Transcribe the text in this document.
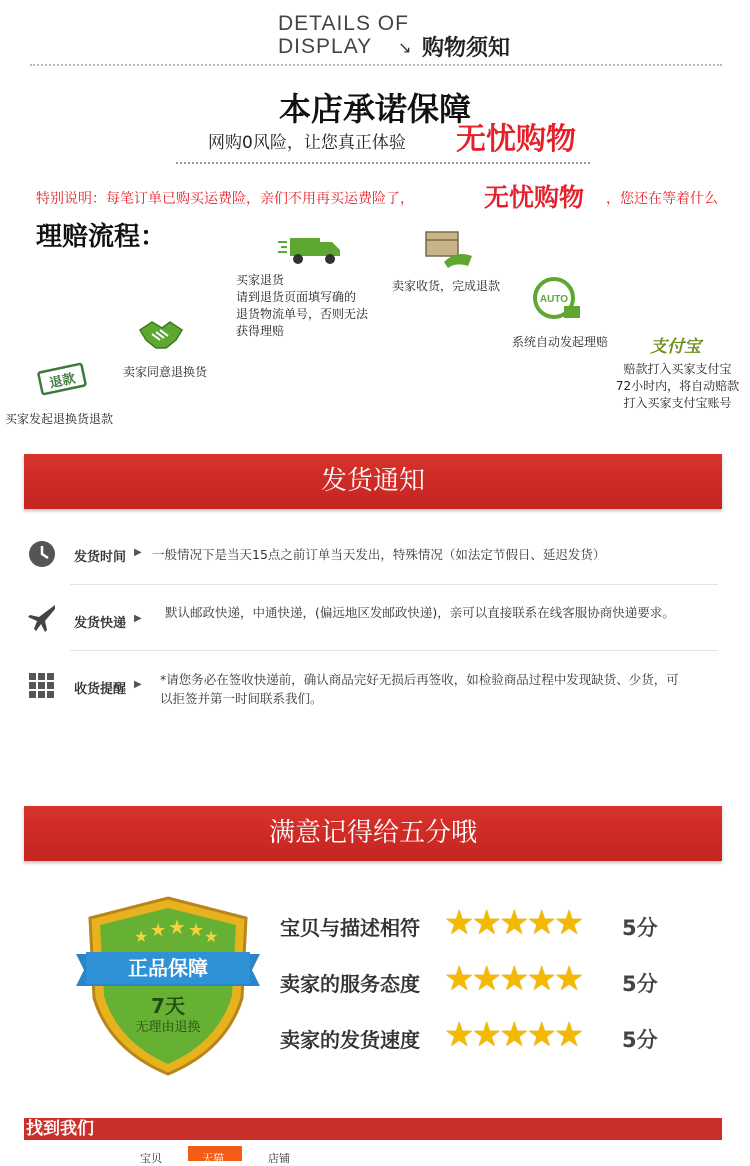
DETAILS OF
DISPLAY	↘ 购物须知
本店承诺保障
网购0风险，让您真正体验 无忧购物
特别说明：每笔订单已购买运费险，亲们不用再买运费险了，	无忧购物 ，您还在等着什么
理赔流程：
退款
买家发起退换货退款
卖家同意退换货
买家退货
请到退货页面填写确的
退货物流单号，否则无法
获得理赔
卖家收货，完成退款
AUTO
系统自动发起理赔 支付宝
赔款打入买家支付宝
72小时内，将自动赔款
打入买家支付宝账号
发货通知
发货时间 ▶ 一般情况下是当天15点之前订单当天发出，特殊情况（如法定节假日、延迟发货）
发货快递 ▶	默认邮政快递，中通快递，(偏远地区发邮政快递)，亲可以直接联系在线客服协商快递要求。
收货提醒 ▶ *请您务必在签收快递前，确认商品完好无损后再签收，如检验商品过程中发现缺货、少货，可以拒签并第一时间联系我们。
满意记得给五分哦
★ ★ ★ ★ ★
正品保障
7天
无理由退换
宝贝与描述相符 ★★★★★ 5分
卖家的服务态度 ★★★★★ 5分
卖家的发货速度 ★★★★★ 5分
找到我们
宝贝	天猫	店铺
